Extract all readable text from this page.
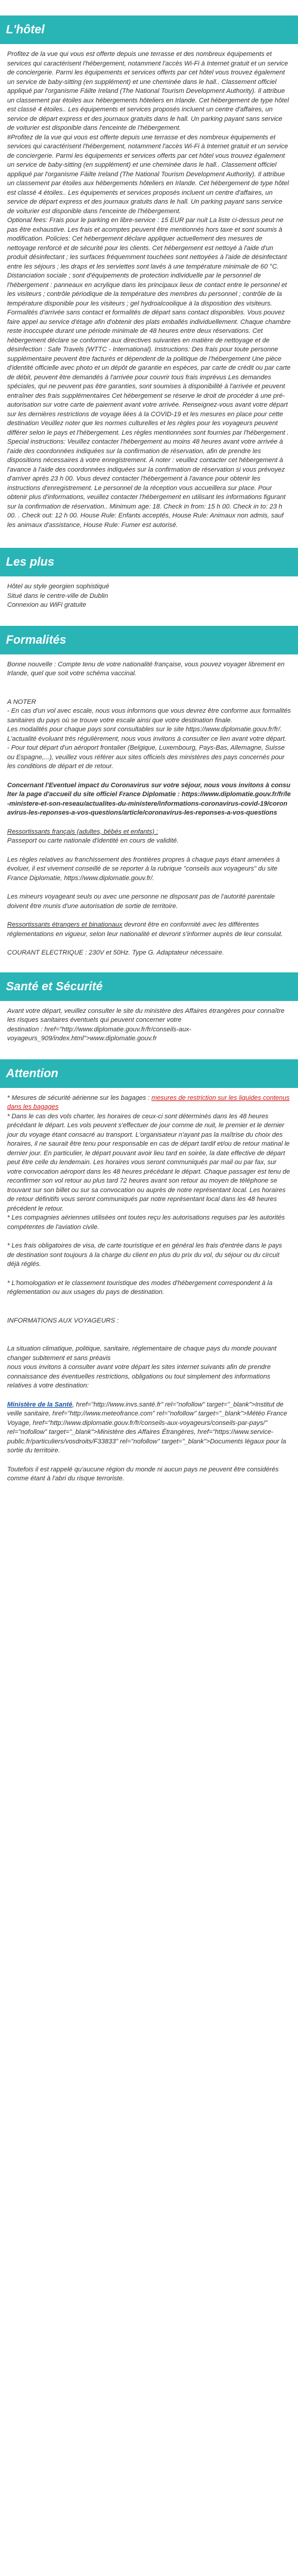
L'hôtel

Profitez de la vue qui vous est offerte depuis une terrasse et des nombreux équipements et services qui caractérisent l'hébergement, notamment l'accès Wi-Fi à Internet gratuit et un service de conciergerie. Parmi les équipements et services offerts par cet hôtel vous trouvez également un service de baby-sitting (en supplément) et une cheminée dans le hall.. Classement officiel appliqué par l'organisme Fáilte Ireland (The National Tourism Development Authority). Il attribue un classement par étoiles aux hébergements hôteliers en Irlande. Cet hébergement de type hôtel est classé 4 étoiles.. Les équipements et services proposés incluent un centre d'affaires, un service de départ express et des journaux gratuits dans le hall. Un parking payant sans service de voiturier est disponible dans l'enceinte de l'hébergement.
#Profitez de la vue qui vous est offerte depuis une terrasse et des nombreux équipements et services qui caractérisent l'hébergement, notamment l'accès Wi-Fi à Internet gratuit et un service de conciergerie. Parmi les équipements et services offerts par cet hôtel vous trouvez également un service de baby-sitting (en supplément) et une cheminée dans le hall.. Classement officiel appliqué par l'organisme Fáilte Ireland (The National Tourism Development Authority). Il attribue un classement par étoiles aux hébergements hôteliers en Irlande. Cet hébergement de type hôtel est classé 4 étoiles.. Les équipements et services proposés incluent un centre d'affaires, un service de départ express et des journaux gratuits dans le hall. Un parking payant sans service de voiturier est disponible dans l'enceinte de l'hébergement.
Optional fees: Frais pour le parking en libre-service : 15 EUR par nuit La liste ci-dessus peut ne pas être exhaustive. Les frais et acomptes peuvent être mentionnés hors taxe et sont soumis à modification. Policies: Cet hébergement déclare appliquer actuellement des mesures de nettoyage renforcé et de sécurité pour les clients. Cet hébergement est nettoyé à l'aide d'un produit désinfectant ; les surfaces fréquemment touchées sont nettoyées à l'aide de désinfectant entre les séjours ; les draps et les serviettes sont lavés à une température minimale de 60 °C. Distanciation sociale ; sont d'équipements de protection individuelle par le personnel de l'hébergement : panneaux en acrylique dans les principaux lieux de contact entre le personnel et les visiteurs ; contrôle périodique de la température des membres du personnel ; contrôle de la température disponible pour les visiteurs ; gel hydroalcoolique à la disposition des visiteurs. Formalités d'arrivée sans contact et formalités de départ sans contact disponibles. Vous pouvez faire appel au service d'étage afin d'obtenir des plats emballés individuellement. Chaque chambre reste inoccupée durant une période minimale de 48 heures entre deux réservations. Cet hébergement déclare se conformer aux directives suivantes en matière de nettoyage et de désinfection : Safe Travels (WTTC - International). Instructions: Des frais pour toute personne supplémentaire peuvent être facturés et dépendent de la politique de l'hébergement Une pièce d'identité officielle avec photo et un dépôt de garantie en espèces, par carte de crédit ou par carte de débit, peuvent être demandés à l'arrivée pour couvrir tous frais imprévus Les demandes spéciales, qui ne peuvent pas être garanties, sont soumises à disponibilité à l'arrivée et peuvent entraîner des frais supplémentaires Cet hébergement se réserve le droit de procéder à une pré-autorisation sur votre carte de paiement avant votre arrivée. Renseignez-vous avant votre départ sur les dernières restrictions de voyage liées à la COVID-19 et les mesures en place pour cette destination Veuillez noter que les normes culturelles et les règles pour les voyageurs peuvent différer selon le pays et l'hébergement. Les règles mentionnées sont fournies par l'hébergement . Special instructions: Veuillez contacter l'hébergement au moins 48 heures avant votre arrivée à l'aide des coordonnées indiquées sur la confirmation de réservation, afin de prendre les dispositions nécessaires à votre enregistrement. À noter : veuillez contacter cet hébergement à l'avance à l'aide des coordonnées indiquées sur la confirmation de réservation si vous prévoyez d'arriver après 23 h 00. Vous devez contacter l'hébergement à l'avance pour obtenir les instructions d'enregistrement. Le personnel de la réception vous accueillera sur place. Pour obtenir plus d'informations, veuillez contacter l'hébergement en utilisant les informations figurant sur la confirmation de réservation.. Minimum age: 18. Check in from: 15 h 00. Check in to: 23 h 00. . Check out: 12 h 00. House Rule: Enfants acceptés, House Rule: Animaux non admis, sauf les animaux d'assistance, House Rule: Fumer est autorisé.

Les plus

Hôtel au style georgien sophistiqué
Situé dans le centre-ville de Dublin
Connexion au WiFi gratuite

Formalités

Bonne nouvelle : Compte tenu de votre nationalité française, vous pouvez voyager librement en Irlande, quel que soit votre schéma vaccinal.

A NOTER

- En cas d'un vol avec escale, nous vous informons que vous devrez être conforme aux formalités sanitaires du pays où se trouve votre escale ainsi que votre destination finale.
Les modalités pour chaque pays sont consultables sur le site https://www.diplomatie.gouv.fr/fr/. L'actualité évoluant très régulièrement, nous vous invitons à consulter ce lien avant votre départ.
- Pour tout départ d'un aéroport frontalier (Belgique, Luxembourg, Pays-Bas, Allemagne, Suisse ou Espagne,...), veuillez vous référer aux sites officiels des ministères des pays concernés pour les conditions de départ et de retour.

Concernant l'Eventuel impact du Coronavirus sur votre séjour, nous vous invitons à consulter la page d'accueil du site officiel France Diplomatie : https://www.diplomatie.gouv.fr/fr/le-ministere-et-son-reseau/actualites-du-ministere/informations-coronavirus-covid-19/coronavirus-les-reponses-a-vos-questions/article/coronavirus-les-reponses-a-vos-questions

Ressortissants français (adultes, bébés et enfants) :

Passeport ou carte nationale d'identité en cours de validité.

Les règles relatives au franchissement des frontières propres à chaque pays étant amenées à évoluer, il est vivement conseillé de se reporter à la rubrique "conseils aux voyageurs" du site France Diplomatie, https://www.diplomatie.gouv.fr/.

Les mineurs voyageant seuls ou avec une personne ne disposant pas de l'autorité parentale doivent être munis d'une autorisation de sortie de territoire.

Ressortissants étrangers et binationaux devront être en conformité avec les différentes réglementations en vigueur, selon leur nationalité et devront s'informer auprès de leur consulat.

COURANT ELECTRIQUE : 230V et 50Hz. Type G. Adaptateur nécessaire.

Santé et Sécurité

Avant votre départ, veuillez consulter le site du ministère des Affaires étrangères pour connaître les risques sanitaires éventuels qui peuvent concerner votre
destination : href="http://www.diplomatie.gouv.fr/fr/conseils-aux-voyageurs_909/index.html">www.diplomatie.gouv.fr

Attention

* Mesures de sécurité aérienne sur les bagages : mesures de restriction sur les liquides contenus dans les bagages

* Dans le cas des vols charter, les horaires de ceux-ci sont déterminés dans les 48 heures précédant le départ. Les vols peuvent s'effectuer de jour comme de nuit, le premier et le dernier jour du voyage étant consacré au transport. L'organisateur n'ayant pas la maîtrise du choix des horaires, il ne saurait être tenu pour responsable en cas de départ tardif et/ou de retour matinal le dernier jour. En particulier, le départ pouvant avoir lieu tard en soirée, la date effective de départ peut être celle du lendemain. Les horaires vous seront communiqués par mail ou par fax, sur votre convocation aéroport dans les 48 heures précédant le départ. Chaque passager est tenu de reconfirmer son vol retour au plus tard 72 heures avant son retour au moyen de téléphone se trouvant sur son billet ou sur sa convocation ou auprès de notre représentant local. Les horaires de retour définitifs vous seront communiqués par notre représentant local dans les 48 heures précédent le retour.
* Les compagnies aériennes utilisées ont toutes reçu les autorisations requises par les autorités compétentes de l'aviation civile.

* Les frais obligatoires de visa, de carte touristique et en général les frais d'entrée dans le pays de destination sont toujours à la charge du client en plus du prix du vol, du séjour ou du circuit déjà réglés.

* L'homologation et le classement touristique des modes d'hébergement correspondent à la réglementation ou aux usages du pays de destination.

INFORMATIONS AUX VOYAGEURS :

La situation climatique, politique, sanitaire, réglementaire de chaque pays du monde pouvant changer subitement et sans préavis
nous vous invitons à consulter avant votre départ les sites internet suivants afin de prendre connaissance des éventuelles restrictions, obligations ou tout simplement des informations relatives à votre destination:

Ministère de la Santé, href="http://www.invs.santé.fr" rel="nofollow" target="_blank">Institut de veille sanitaire, href="http://www.meteofrance.com" rel="nofollow" target="_blank">Météo France Voyage, href="http://www.diplomatie.gouv.fr/fr/conseils-aux-voyageurs/conseils-par-pays/" rel="nofollow" target="_blank">Ministère des Affaires Étrangères, href="https://www.service-public.fr/particuliers/vosdroits/F33833" rel="nofollow" target="_blank">Documents légaux pour la sortie du territoire.

Toutefois il est rappelé qu'aucune région du monde ni aucun pays ne peuvent être considérés comme étant à l'abri du risque terroriste.
